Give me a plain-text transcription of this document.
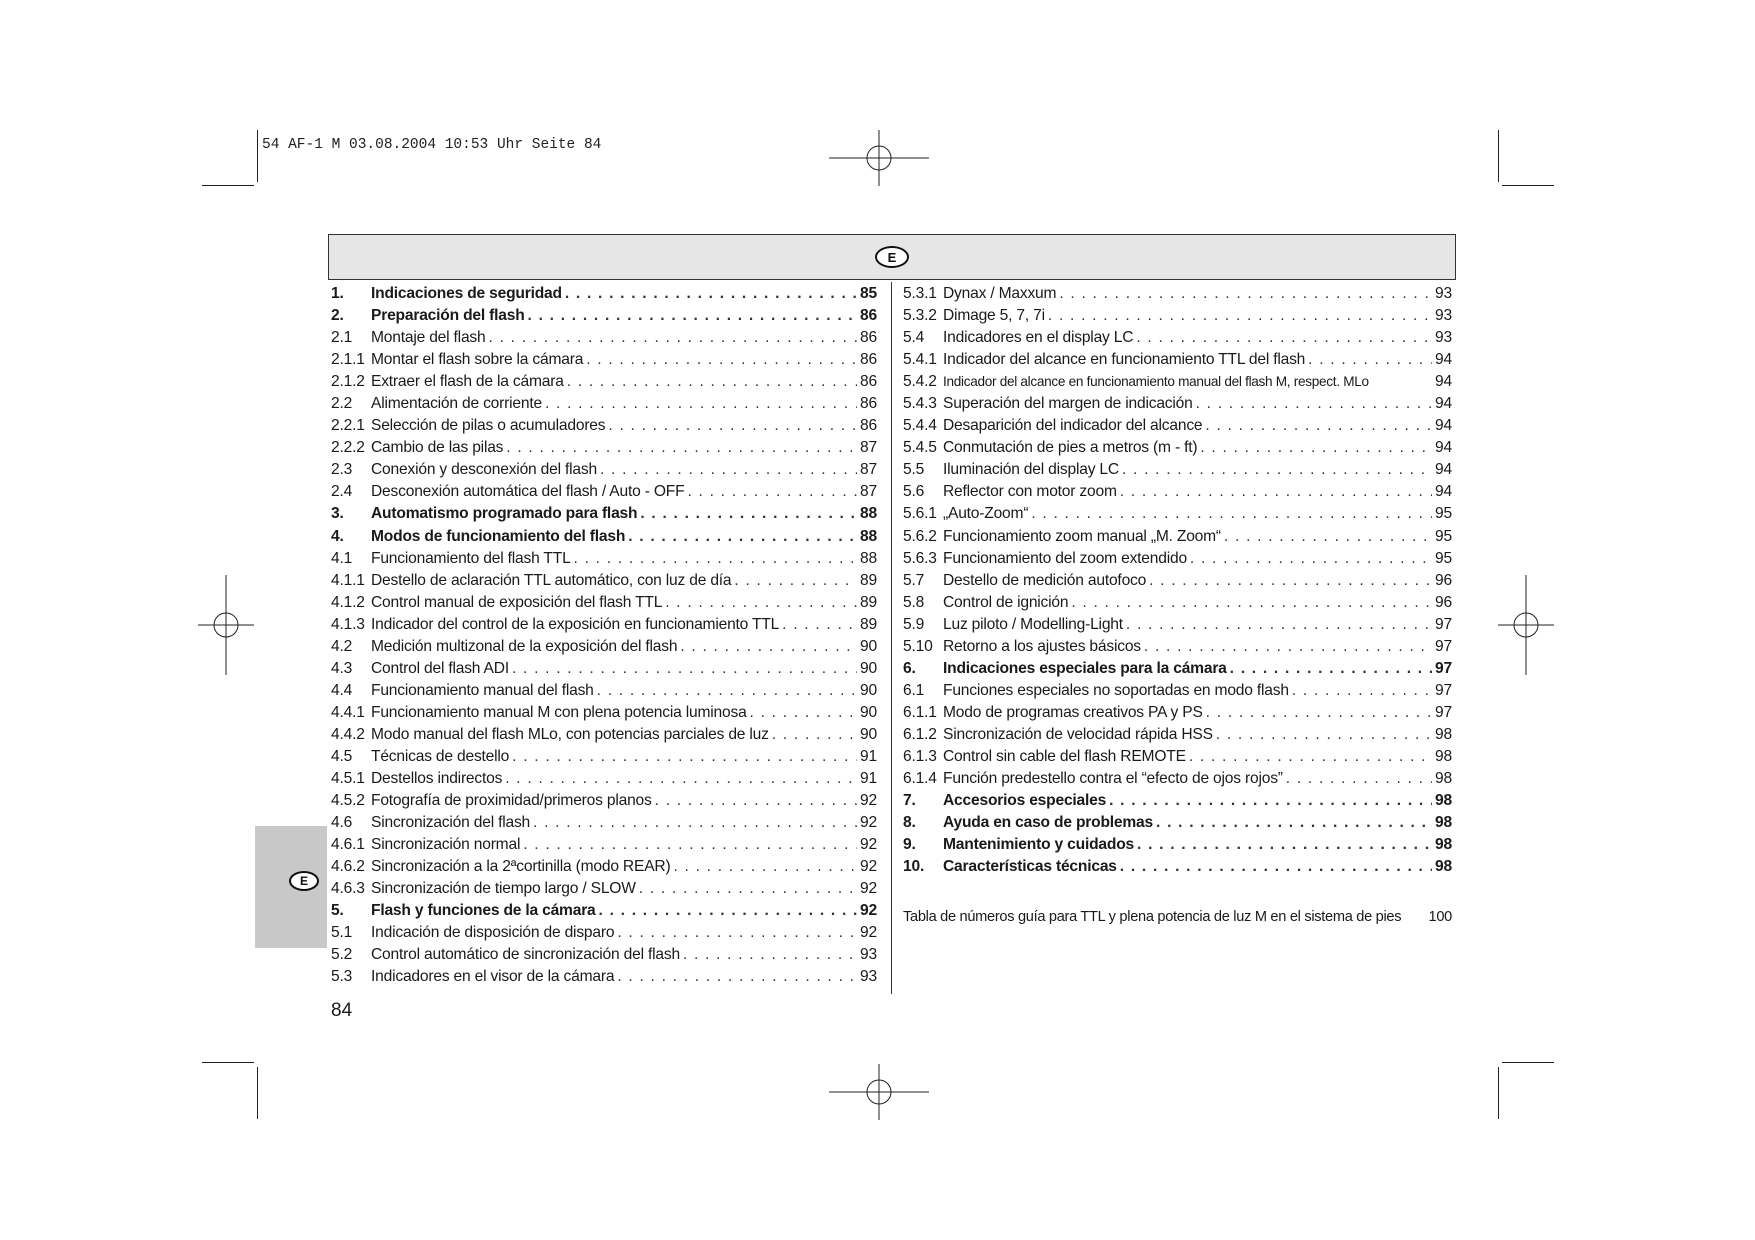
54 AF-1 M 03.08.2004 10:53 Uhr Seite 84
E
E
1.	Indicaciones de seguridad . . .	85
2.	Preparación del flash . . .	86
2.1	Montaje del flash . . .	86
2.1.1 Montar el flash sobre la cámara . . .	86
2.1.2 Extraer el flash de la cámara . . .	86
2.2	Alimentación de corriente . . .	86
2.2.1 Selección de pilas o acumuladores . . .	86
2.2.2 Cambio de las pilas . . .	87
2.3	Conexión y desconexión del flash . . .	87
2.4	Desconexión automática del flash / Auto - OFF . . .	87
3.	Automatismo programado para flash . . .	88
4.	Modos de funcionamiento del flash . . .	88
4.1	Funcionamiento del flash TTL . . .	88
4.1.1 Destello de aclaración TTL automático, con luz de día . . .	89
4.1.2 Control manual de exposición del flash TTL . . .	89
4.1.3 Indicador del control de la exposición en funcionamiento TTL . . .	89
4.2	Medición multizonal de la exposición del flash . . .	90
4.3	Control del flash ADI . . .	90
4.4	Funcionamiento manual del flash . . .	90
4.4.1 Funcionamiento manual M con plena potencia luminosa . . .	90
4.4.2 Modo manual del flash MLo, con potencias parciales de luz . . .	90
4.5	Técnicas de destello . . .	91
4.5.1 Destellos indirectos . . .	91
4.5.2 Fotografía de proximidad/primeros planos . . .	92
4.6	Sincronización del flash . . .	92
4.6.1 Sincronización normal . . .	92
4.6.2 Sincronización a la 2ªcortinilla (modo REAR) . . .	92
4.6.3 Sincronización de tiempo largo / SLOW . . .	92
5.	Flash y funciones de la cámara . . .	92
5.1	Indicación de disposición de disparo . . .	92
5.2	Control automático de sincronización del flash . . .	93
5.3	Indicadores en el visor de la cámara . . .	93
5.3.1 Dynax / Maxxum . . .	93
5.3.2 Dimage 5, 7, 7i . . .	93
5.4	Indicadores en el display LC . . .	93
5.4.1 Indicador del alcance en funcionamiento TTL del flash . . .	94
5.4.2 Indicador del alcance en funcionamiento manual del flash M, respect. MLo	94
5.4.3 Superación del margen de indicación . . .	94
5.4.4 Desaparición del indicador del alcance . . .	94
5.4.5 Conmutación de pies a metros (m - ft) . . .	94
5.5	Iluminación del display LC . . .	94
5.6	Reflector con motor zoom . . .	94
5.6.1 „Auto-Zoom“ . . .	95
5.6.2 Funcionamiento zoom manual „M. Zoom“ . . .	95
5.6.3 Funcionamiento del zoom extendido . . .	95
5.7	Destello de medición autofoco . . .	96
5.8	Control de ignición . . .	96
5.9	Luz piloto / Modelling-Light . . .	97
5.10 Retorno a los ajustes básicos . . .	97
6.	Indicaciones especiales para la cámara . . .	97
6.1	Funciones especiales no soportadas en modo flash . . .	97
6.1.1 Modo de programas creativos PA y PS . . .	97
6.1.2 Sincronización de velocidad rápida HSS . . .	98
6.1.3 Control sin cable del flash REMOTE . . .	98
6.1.4 Función predestello contra el “efecto de ojos rojos” . . .	98
7.	Accesorios especiales . . .	98
8.	Ayuda en caso de problemas . . .	98
9.	Mantenimiento y cuidados . . .	98
10.	Características técnicas . . .	98
Tabla de números guía para TTL y plena potencia de luz M en el sistema de pies 100
84
